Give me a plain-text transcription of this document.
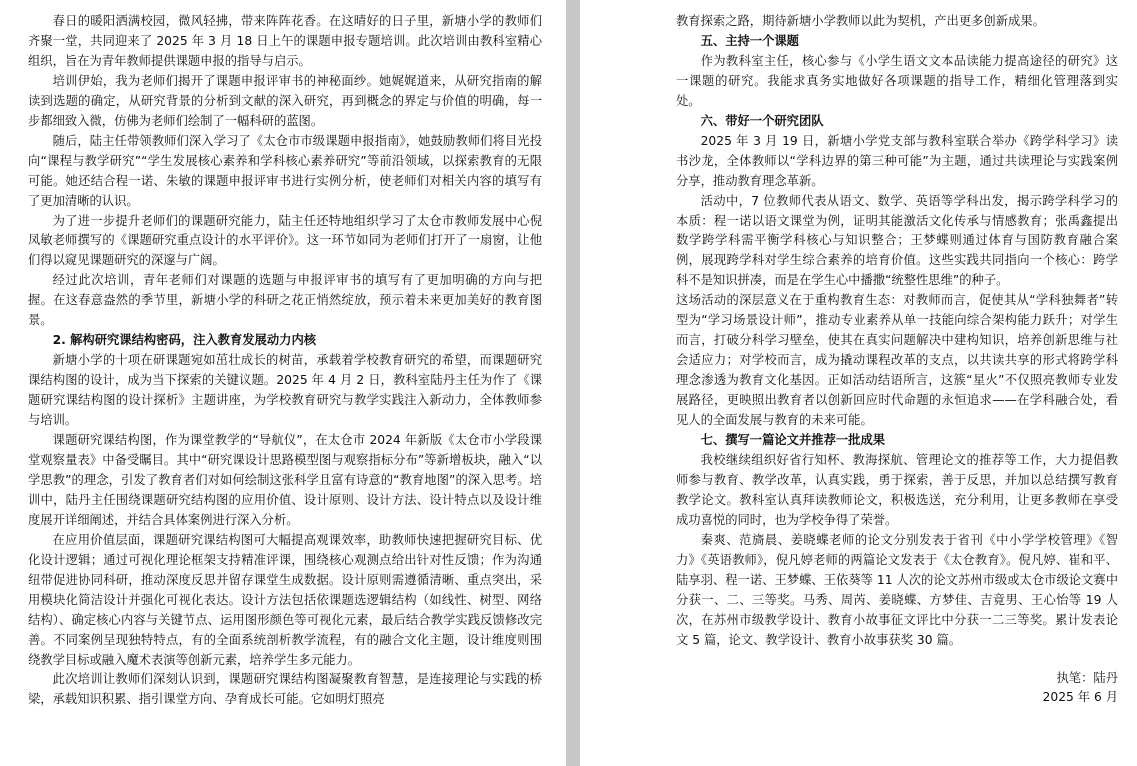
春日的暖阳洒满校园，微风轻拂，带来阵阵花香。在这晴好的日子里，新塘小学的教师们齐聚一堂，共同迎来了 2025 年 3 月 18 日上午的课题申报专题培训。此次培训由教科室精心组织，旨在为青年教师提供课题申报的指导与启示。

培训伊始，我为老师们揭开了课题申报评审书的神秘面纱。她娓娓道来，从研究指南的解读到选题的确定，从研究背景的分析到文献的深入研究，再到概念的界定与价值的明确，每一步都细致入微，仿佛为老师们绘制了一幅科研的蓝图。

随后，陆主任带领教师们深入学习了《太仓市市级课题申报指南》，她鼓励教师们将目光投向“课程与教学研究”“学生发展核心素养和学科核心素养研究”等前沿领域，以探索教育的无限可能。她还结合程一诺、朱敏的课题申报评审书进行实例分析，使老师们对相关内容的填写有了更加清晰的认识。

为了进一步提升老师们的课题研究能力，陆主任还特地组织学习了太仓市教师发展中心倪凤敏老师撰写的《课题研究重点设计的水平评价》。这一环节如同为老师们打开了一扇窗，让他们得以窥见课题研究的深邃与广阔。

经过此次培训，青年老师们对课题的选题与申报评审书的填写有了更加明确的方向与把握。在这春意盎然的季节里，新塘小学的科研之花正悄然绽放，预示着未来更加美好的教育图景。

2. 解构研究课结构密码，注入教育发展动力内核

新塘小学的十项在研课题宛如茁壮成长的树苗，承载着学校教育研究的希望，而课题研究课结构图的设计，成为当下探索的关键议题。2025 年 4 月 2 日，教科室陆丹主任为作了《课题研究课结构图的设计探析》主题讲座，为学校教育研究与教学实践注入新动力，全体教师参与培训。

课题研究课结构图，作为课堂教学的“导航仪”，在太仓市 2024 年新版《太仓市小学段课堂观察量表》中备受瞩目。其中“研究课设计思路模型图与观察指标分布”等新增板块，融入“以学思教”的理念，引发了教育者们对如何绘制这张科学且富有诗意的“教育地图”的深入思考。培训中，陆丹主任围绕课题研究结构图的应用价值、设计原则、设计方法、设计特点以及设计维度展开详细阐述，并结合具体案例进行深入分析。

在应用价值层面，课题研究课结构图可大幅提高观课效率，助教师快速把握研究目标、优化设计逻辑；通过可视化理论框架支持精准评课，围绕核心观测点给出针对性反馈；作为沟通纽带促进协同科研，推动深度反思并留存课堂生成数据。设计原则需遵循清晰、重点突出，采用模块化简洁设计并强化可视化表达。设计方法包括依课题选逻辑结构（如线性、树型、网络结构）、确定核心内容与关键节点、运用图形颜色等可视化元素，最后结合教学实践反馈修改完善。不同案例呈现独特特点，有的全面系统剖析教学流程，有的融合文化主题，设计维度则围绕教学目标或融入魔术表演等创新元素，培养学生多元能力。

此次培训让教师们深刻认识到，课题研究课结构图凝聚教育智慧，是连接理论与实践的桥梁，承载知识积累、指引课堂方向、孕育成长可能。它如明灯照亮

教育探索之路，期待新塘小学教师以此为契机，产出更多创新成果。

五、主持一个课题

作为教科室主任，核心参与《小学生语文文本品读能力提高途径的研究》这一课题的研究。我能求真务实地做好各项课题的指导工作，精细化管理落到实处。

六、带好一个研究团队

2025 年 3 月 19 日，新塘小学党支部与教科室联合举办《跨学科学习》读书沙龙，全体教师以“学科边界的第三种可能”为主题，通过共读理论与实践案例分享，推动教育理念革新。

活动中，7 位教师代表从语文、数学、英语等学科出发，揭示跨学科学习的本质：程一诺以语文课堂为例，证明其能激活文化传承与情感教育；张禹鑫提出数学跨学科需平衡学科核心与知识整合；王梦蝶则通过体育与国防教育融合案例，展现跨学科对学生综合素养的培育价值。这些实践共同指向一个核心：跨学科不是知识拼凑，而是在学生心中播撒“统整性思维”的种子。

这场活动的深层意义在于重构教育生态：对教师而言，促使其从“学科独舞者”转型为“学习场景设计师”，推动专业素养从单一技能向综合架构能力跃升；对学生而言，打破分科学习壁垒，使其在真实问题解决中建构知识，培养创新思维与社会适应力；对学校而言，成为撬动课程改革的支点，以共读共享的形式将跨学科理念渗透为教育文化基因。正如活动结语所言，这簇“星火”不仅照亮教师专业发展路径，更映照出教育者以创新回应时代命题的永恒追求——在学科融合处，看见人的全面发展与教育的未来可能。

七、撰写一篇论文并推荐一批成果

我校继续组织好省行知杯、教海探航、管理论文的推荐等工作，大力提倡教师参与教育、教学改革，认真实践，勇于探索，善于反思，并加以总结撰写教育教学论文。教科室认真拜读教师论文，积极选送，充分利用，让更多教师在享受成功喜悦的同时，也为学校争得了荣誉。

秦爽、范旖晨、姜晓蝶老师的论文分别发表于省刊《中小学学校管理》《智力》《英语教师》，倪凡婷老师的两篇论文发表于《太仓教育》。倪凡婷、崔和平、陆享羽、程一诺、王梦蝶、王依葵等 11 人次的论文苏州市级或太仓市级论文赛中分获一、二、三等奖。马秀、周芮、姜晓蝶、方梦佳、吉竟男、王心怡等 19 人次，在苏州市级教学设计、教育小故事征文评比中分获一二三等奖。累计发表论文 5 篇，论文、教学设计、教育小故事获奖 30 篇。

执笔：陆丹

2025 年 6 月
